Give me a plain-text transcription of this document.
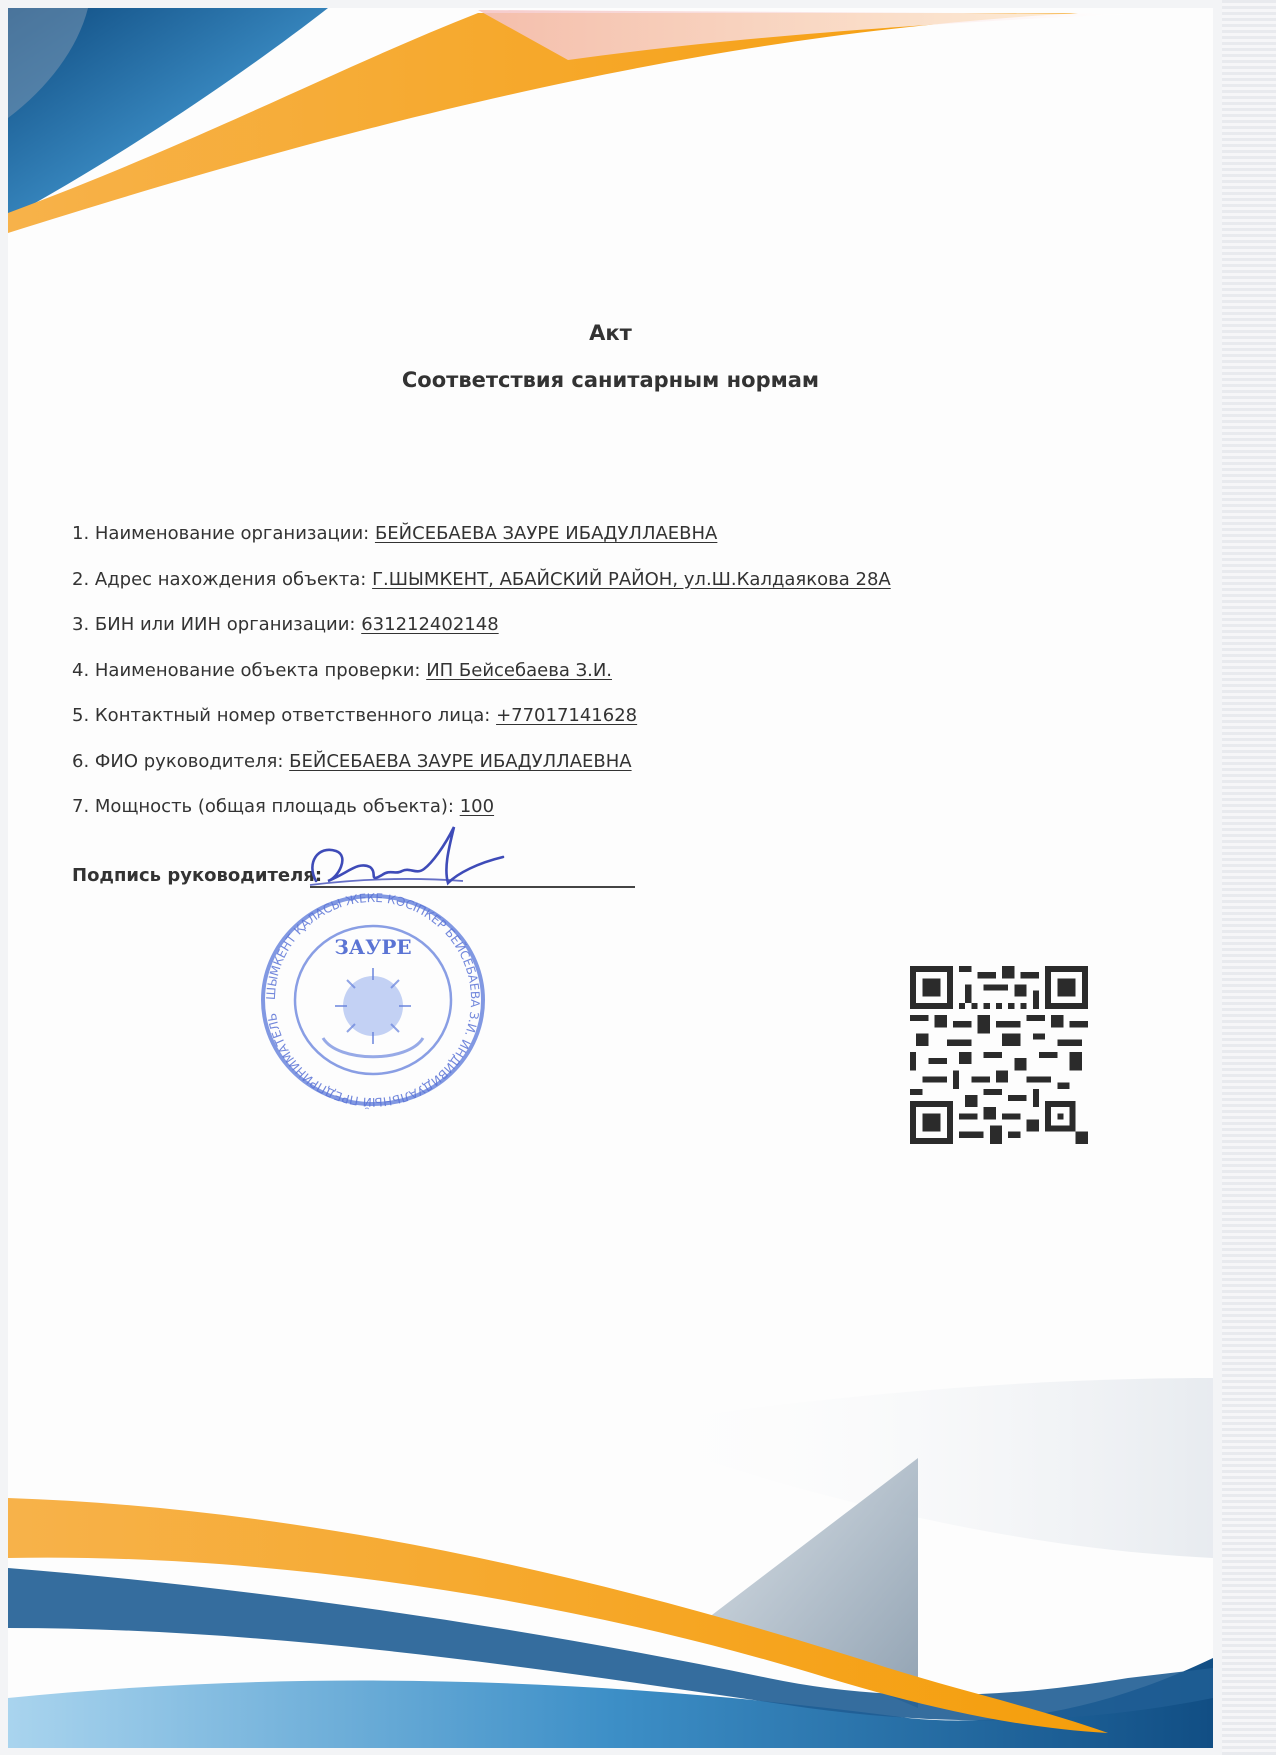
Акт
Соответствия санитарным нормам
1. Наименование организации: БЕЙСЕБАЕВА ЗАУРЕ ИБАДУЛЛАЕВНА
2. Адрес нахождения объекта: Г.ШЫМКЕНТ, АБАЙСКИЙ РАЙОН, ул.Ш.Калдаякова 28А
3. БИН или ИИН организации: 631212402148
4. Наименование объекта проверки: ИП Бейсебаева З.И.
5. Контактный номер ответственного лица: +77017141628
6. ФИО руководителя: БЕЙСЕБАЕВА ЗАУРЕ ИБАДУЛЛАЕВНА
7. Мощность (общая площадь объекта): 100
Подпись руководителя:
ШЫМКЕНТ ҚАЛАСЫ ЖЕКЕ КӘСІПКЕР БЕЙСЕБАЕВА З.И. ИНДИВИДУАЛЬНЫЙ ПРЕДПРИНИМАТЕЛЬ
ЗАУРЕ
